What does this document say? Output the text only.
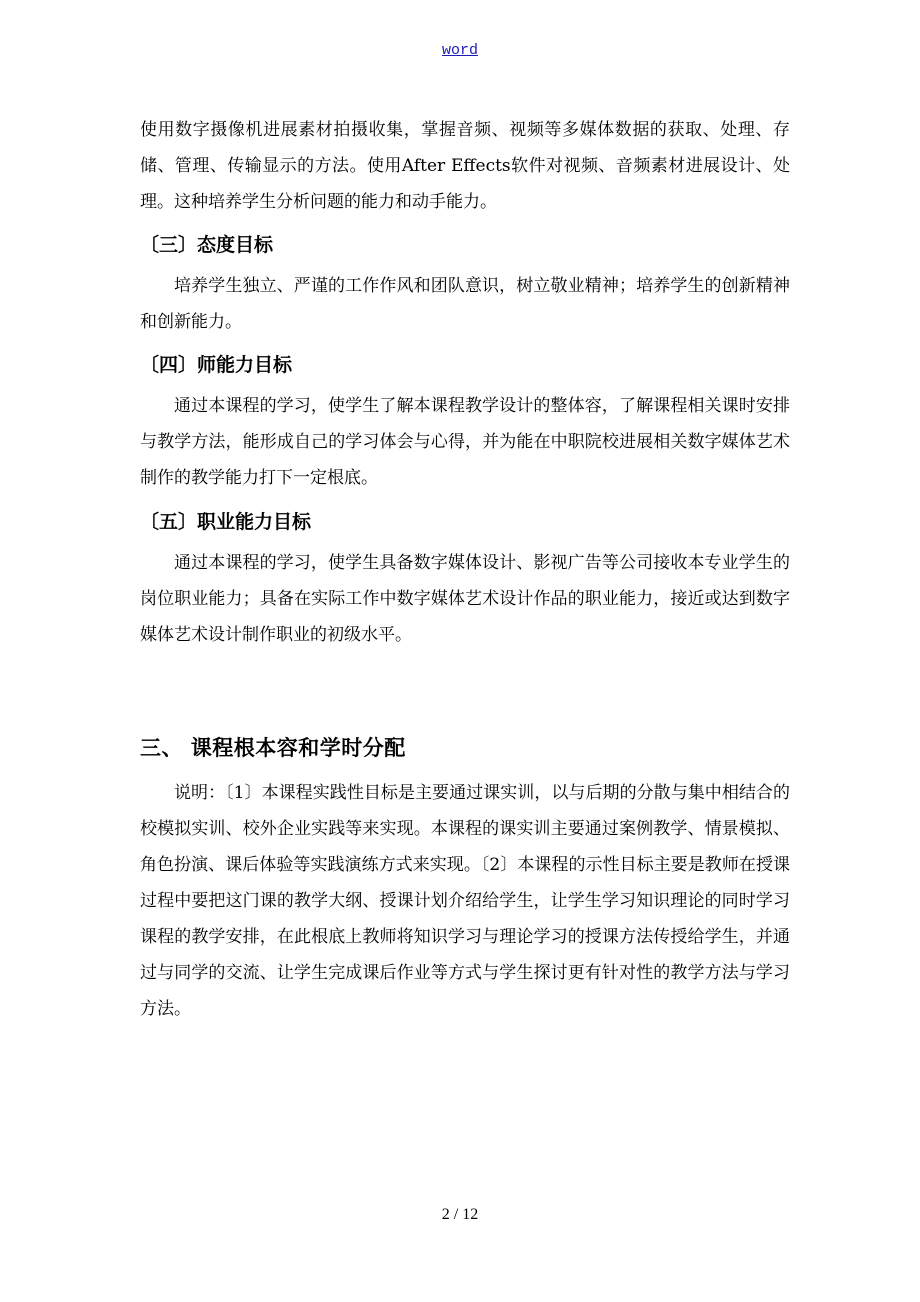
word

使用数字摄像机进展素材拍摄收集，掌握音频、视频等多媒体数据的获取、处理、存储、管理、传输显示的方法。使用After Effects软件对视频、音频素材进展设计、处理。这种培养学生分析问题的能力和动手能力。

〔三〕态度目标

培养学生独立、严谨的工作作风和团队意识，树立敬业精神；培养学生的创新精神和创新能力。

〔四〕师能力目标

通过本课程的学习，使学生了解本课程教学设计的整体容，了解课程相关课时安排与教学方法，能形成自己的学习体会与心得，并为能在中职院校进展相关数字媒体艺术制作的教学能力打下一定根底。

〔五〕职业能力目标

通过本课程的学习，使学生具备数字媒体设计、影视广告等公司接收本专业学生的岗位职业能力；具备在实际工作中数字媒体艺术设计作品的职业能力，接近或达到数字媒体艺术设计制作职业的初级水平。

三、 课程根本容和学时分配

说明：〔1〕本课程实践性目标是主要通过课实训，以与后期的分散与集中相结合的校模拟实训、校外企业实践等来实现。本课程的课实训主要通过案例教学、情景模拟、角色扮演、课后体验等实践演练方式来实现。〔2〕本课程的示性目标主要是教师在授课过程中要把这门课的教学大纲、授课计划介绍给学生，让学生学习知识理论的同时学习课程的教学安排，在此根底上教师将知识学习与理论学习的授课方法传授给学生，并通过与同学的交流、让学生完成课后作业等方式与学生探讨更有针对性的教学方法与学习方法。

2 / 12
